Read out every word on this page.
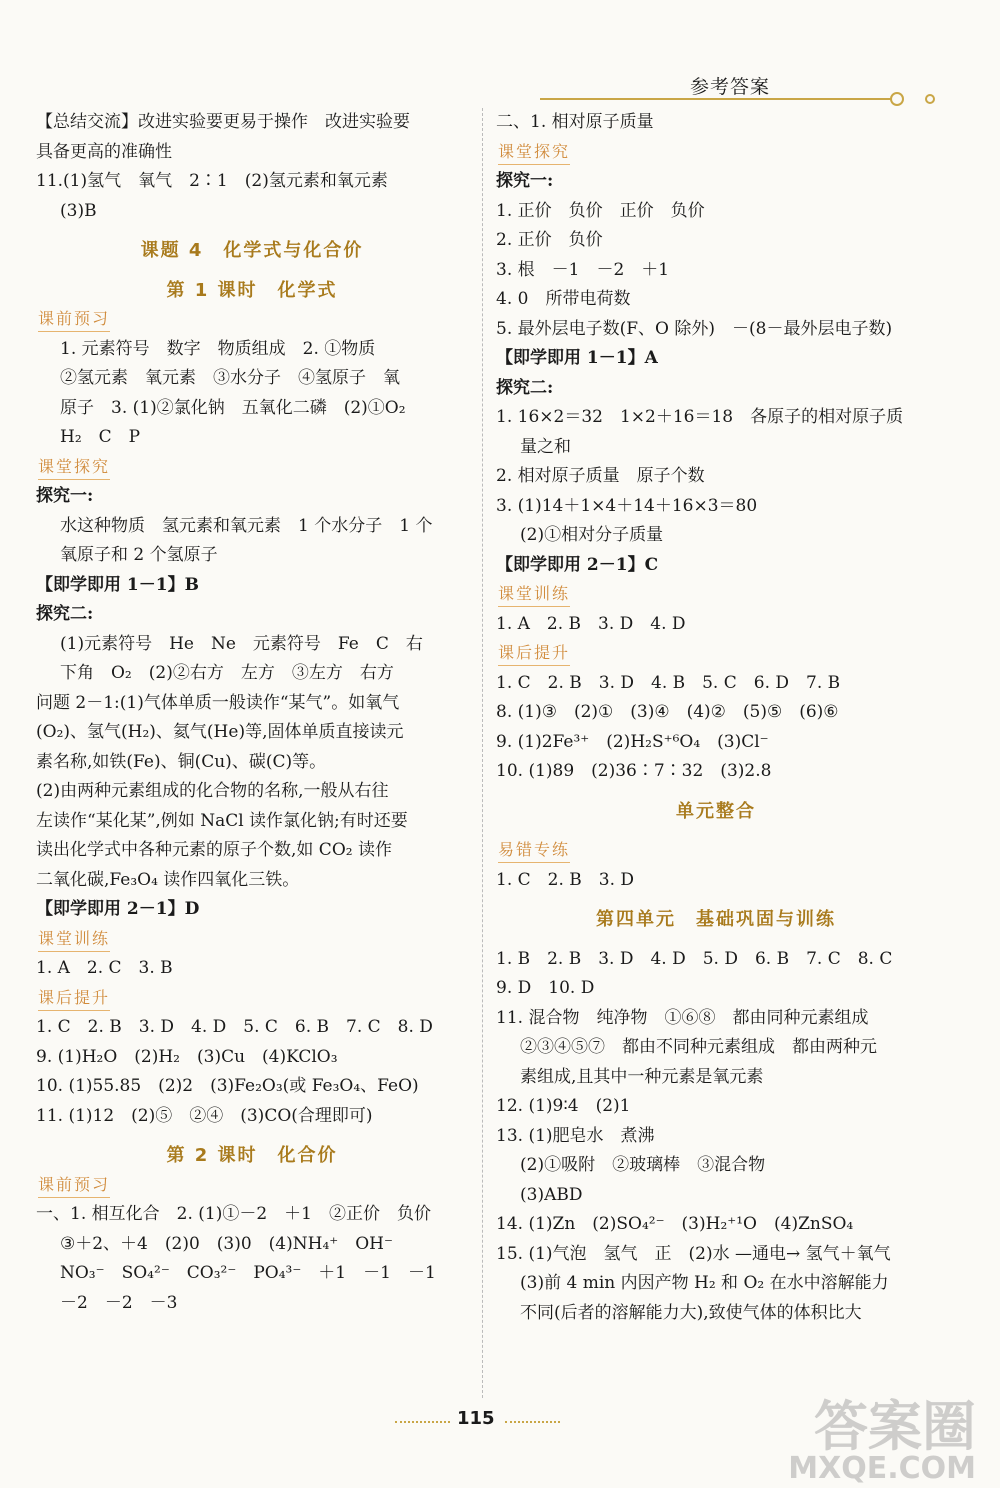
参考答案
【总结交流】改进实验要更易于操作　改进实验要
具备更高的准确性
11.(1)氢气　氧气　2∶1　(2)氢元素和氧元素
(3)B
课题 4　化学式与化合价
第 1 课时　化学式
课前预习
1. 元素符号　数字　物质组成　2. ①物质
②氢元素　氧元素　③水分子　④氢原子　氧
原子　3. (1)②氯化钠　五氧化二磷　(2)①O₂
H₂　C　P
课堂探究
探究一:
水这种物质　氢元素和氧元素　1 个水分子　1 个
氧原子和 2 个氢原子
【即学即用 1－1】B
探究二:
(1)元素符号　He　Ne　元素符号　Fe　C　右
下角　O₂　(2)②右方　左方　③左方　右方
问题 2－1:(1)气体单质一般读作“某气”。如氧气
(O₂)、氢气(H₂)、氦气(He)等,固体单质直接读元
素名称,如铁(Fe)、铜(Cu)、碳(C)等。
(2)由两种元素组成的化合物的名称,一般从右往
左读作“某化某”,例如 NaCl 读作氯化钠;有时还要
读出化学式中各种元素的原子个数,如 CO₂ 读作
二氧化碳,Fe₃O₄ 读作四氧化三铁。
【即学即用 2－1】D
课堂训练
1. A　2. C　3. B
课后提升
1. C　2. B　3. D　4. D　5. C　6. B　7. C　8. D
9. (1)H₂O　(2)H₂　(3)Cu　(4)KClO₃
10. (1)55.85　(2)2　(3)Fe₂O₃(或 Fe₃O₄、FeO)
11. (1)12　(2)⑤　②④　(3)CO(合理即可)
第 2 课时　化合价
课前预习
一、1. 相互化合　2. (1)①－2　＋1　②正价　负价
③＋2、＋4　(2)0　(3)0　(4)NH₄⁺　OH⁻
NO₃⁻　SO₄²⁻　CO₃²⁻　PO₄³⁻　＋1　－1　－1
－2　－2　－3
二、1. 相对原子质量
课堂探究
探究一:
1. 正价　负价　正价　负价
2. 正价　负价
3. 根　－1　－2　＋1
4. 0　所带电荷数
5. 最外层电子数(F、O 除外)　－(8－最外层电子数)
【即学即用 1－1】A
探究二:
1. 16×2＝32　1×2＋16＝18　各原子的相对原子质
量之和
2. 相对原子质量　原子个数
3. (1)14＋1×4＋14＋16×3＝80
(2)①相对分子质量
【即学即用 2－1】C
课堂训练
1. A　2. B　3. D　4. D
课后提升
1. C　2. B　3. D　4. B　5. C　6. D　7. B
8. (1)③　(2)①　(3)④　(4)②　(5)⑤　(6)⑥
9. (1)2Fe³⁺　(2)H₂S⁺⁶O₄　(3)Cl⁻
10. (1)89　(2)36∶7∶32　(3)2.8
单元整合
易错专练
1. C　2. B　3. D
第四单元　基础巩固与训练
1. B　2. B　3. D　4. D　5. D　6. B　7. C　8. C
9. D　10. D
11. 混合物　纯净物　①⑥⑧　都由同种元素组成
②③④⑤⑦　都由不同种元素组成　都由两种元
素组成,且其中一种元素是氧元素
12. (1)9∶4　(2)1
13. (1)肥皂水　煮沸
(2)①吸附　②玻璃棒　③混合物
(3)ABD
14. (1)Zn　(2)SO₄²⁻　(3)H₂⁺¹O　(4)ZnSO₄
15. (1)气泡　氢气　正　(2)水 —通电→ 氢气＋氧气
(3)前 4 min 内因产物 H₂ 和 O₂ 在水中溶解能力
不同(后者的溶解能力大),致使气体的体积比大
115	答案圈
MXQE.COM
